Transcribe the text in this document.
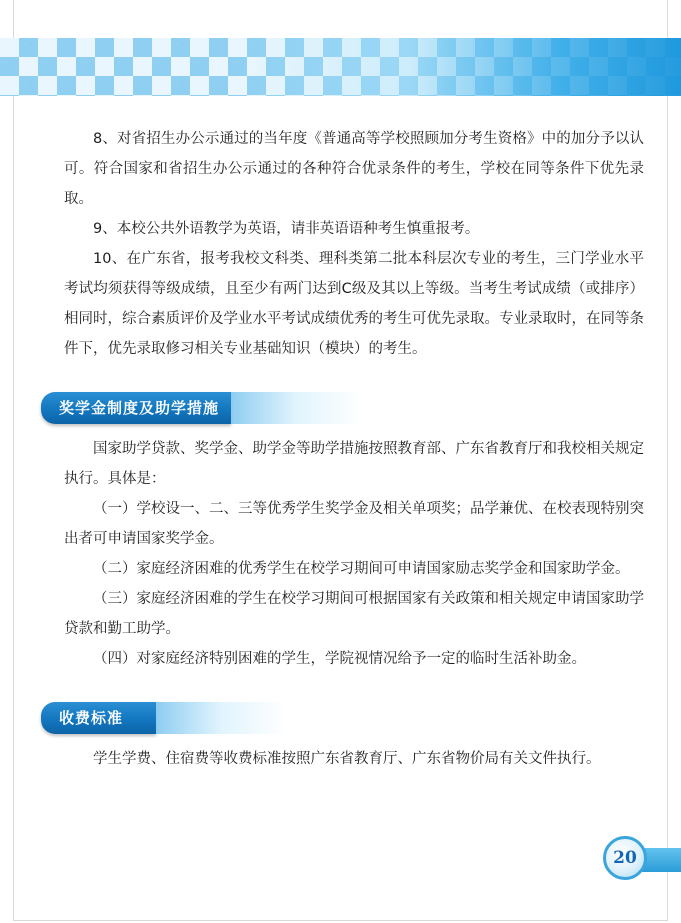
8、对省招生办公示通过的当年度《普通高等学校照顾加分考生资格》中的加分予以认可。符合国家和省招生办公示通过的各种符合优录条件的考生，学校在同等条件下优先录取。

9、本校公共外语教学为英语，请非英语语种考生慎重报考。

10、在广东省，报考我校文科类、理科类第二批本科层次专业的考生，三门学业水平考试均须获得等级成绩，且至少有两门达到C级及其以上等级。当考生考试成绩（或排序）相同时，综合素质评价及学业水平考试成绩优秀的考生可优先录取。专业录取时，在同等条件下，优先录取修习相关专业基础知识（模块）的考生。

奖学金制度及助学措施

国家助学贷款、奖学金、助学金等助学措施按照教育部、广东省教育厅和我校相关规定执行。具体是：

（一）学校设一、二、三等优秀学生奖学金及相关单项奖；品学兼优、在校表现特别突出者可申请国家奖学金。

（二）家庭经济困难的优秀学生在校学习期间可申请国家励志奖学金和国家助学金。

（三）家庭经济困难的学生在校学习期间可根据国家有关政策和相关规定申请国家助学贷款和勤工助学。

（四）对家庭经济特别困难的学生，学院视情况给予一定的临时生活补助金。

收费标准

学生学费、住宿费等收费标准按照广东省教育厅、广东省物价局有关文件执行。

20
